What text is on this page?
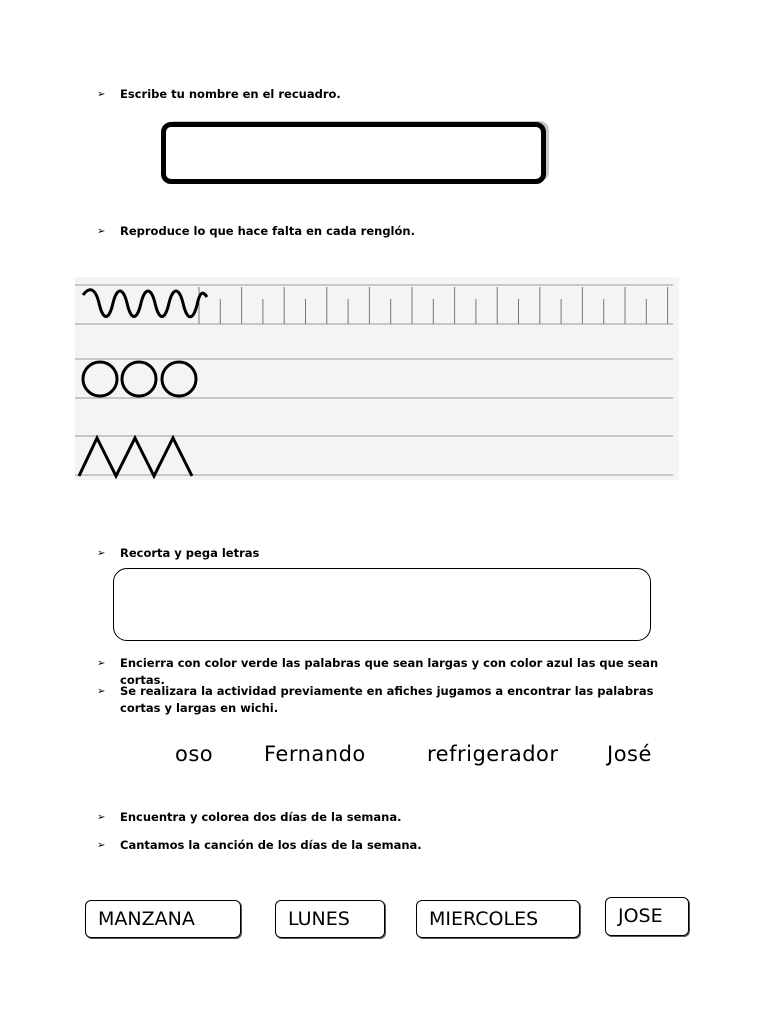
➢	Escribe tu nombre en el recuadro.
➢	Reproduce lo que hace falta en cada renglón.
➢	Recorta y pega letras
➢	Encierra con color verde las palabras que sean largas y con color azul las que sean cortas.
➢	Se realizara la actividad previamente en afiches jugamos a encontrar las palabras cortas y largas en wichi.
oso Fernando	refrigerador José
➢	Encuentra y colorea dos días de la semana.
➢	Cantamos la canción de los días de la semana.
MANZANA	LUNES	MIERCOLES	JOSE
